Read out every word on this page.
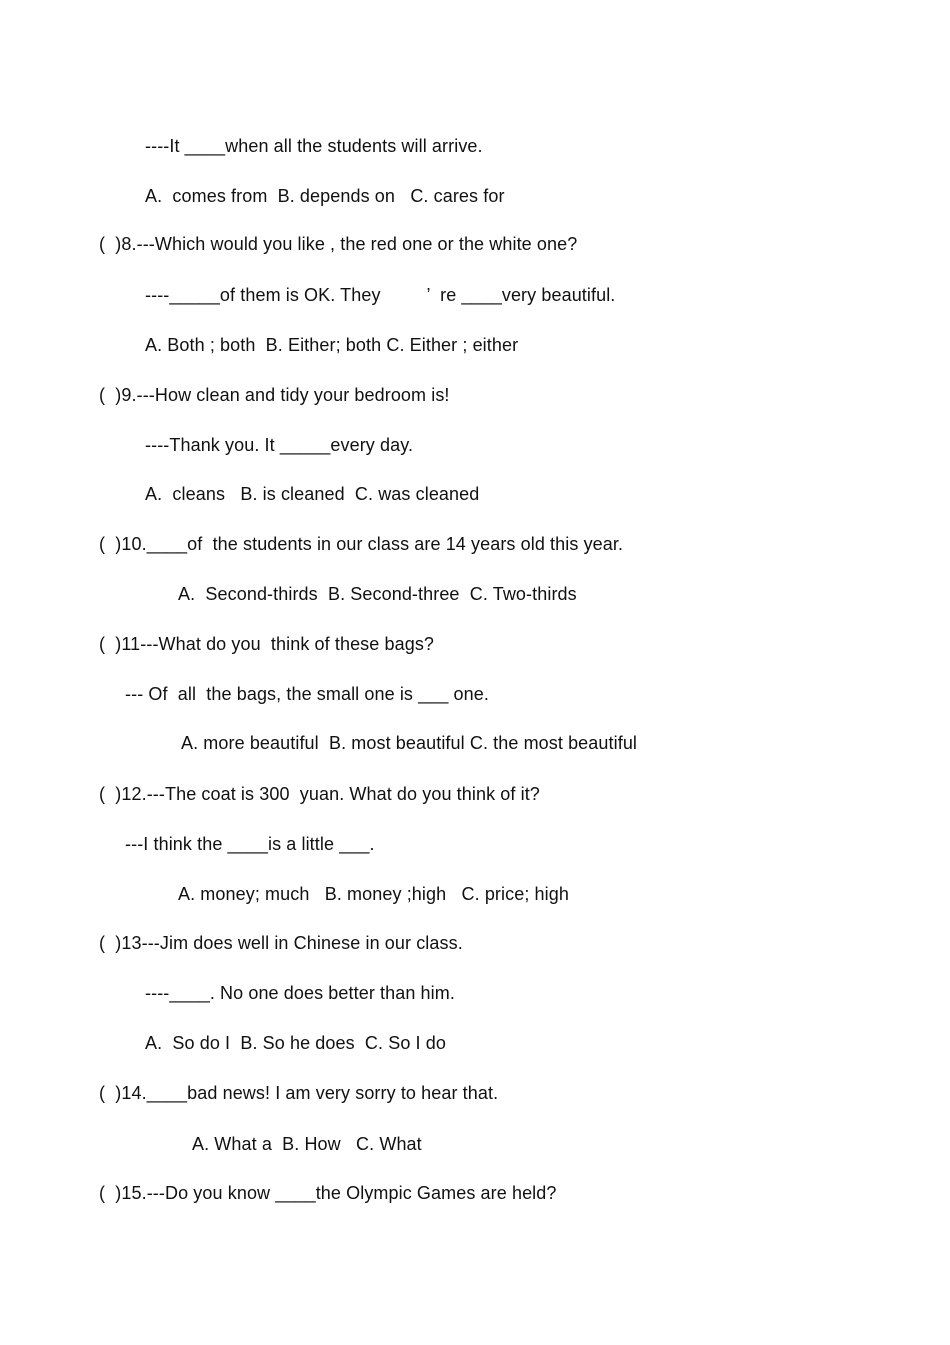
----It ____when all the students will arrive.
A.  comes from  B. depends on   C. cares for
(  )8.---Which would you like , the red one or the white one?
----_____of them is OK. They         ’  re ____very beautiful.
A. Both ; both  B. Either; both C. Either ; either
(  )9.---How clean and tidy your bedroom is!
----Thank you. It _____every day.
A.  cleans   B. is cleaned  C. was cleaned
(  )10.____of  the students in our class are 14 years old this year.
A.  Second-thirds  B. Second-three  C. Two-thirds
(  )11---What do you  think of these bags?
--- Of  all  the bags, the small one is ___ one.
A. more beautiful  B. most beautiful C. the most beautiful
(  )12.---The coat is 300  yuan. What do you think of it?
---I think the ____is a little ___.
A. money; much   B. money ;high   C. price; high
(  )13---Jim does well in Chinese in our class.
----____. No one does better than him.
A.  So do I  B. So he does  C. So I do
(  )14.____bad news! I am very sorry to hear that.
A. What a  B. How   C. What
(  )15.---Do you know ____the Olympic Games are held?
